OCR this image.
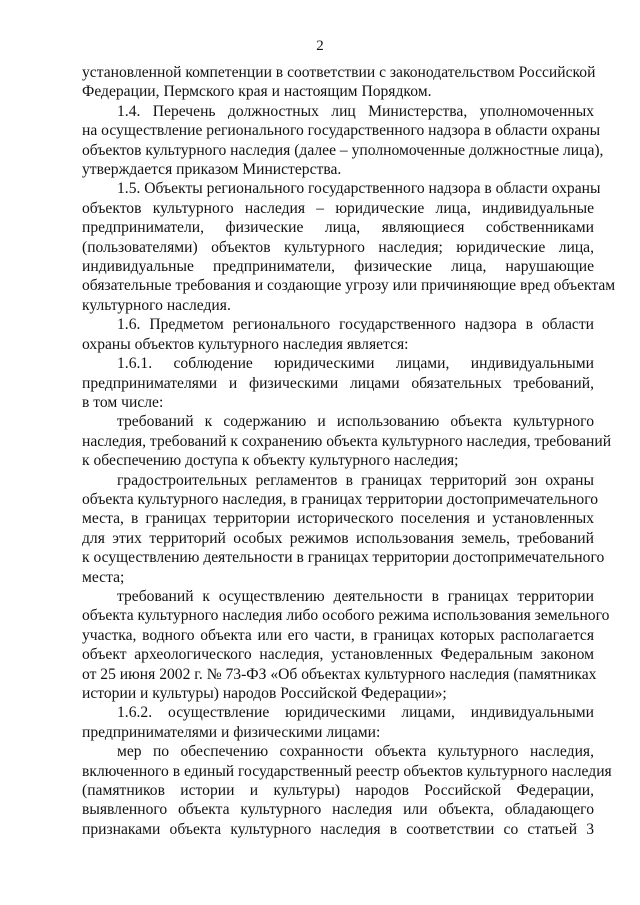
2
установленной компетенции в соответствии с законодательством Российской
Федерации, Пермского края и настоящим Порядком.
1.4. Перечень должностных лиц Министерства, уполномоченных
на осуществление регионального государственного надзора в области охраны
объектов культурного наследия (далее – уполномоченные должностные лица),
утверждается приказом Министерства.
1.5. Объекты регионального государственного надзора в области охраны
объектов культурного наследия – юридические лица, индивидуальные
предприниматели, физические лица, являющиеся собственниками
(пользователями) объектов культурного наследия; юридические лица,
индивидуальные предприниматели, физические лица, нарушающие
обязательные требования и создающие угрозу или причиняющие вред объектам
культурного наследия.
1.6. Предметом регионального государственного надзора в области
охраны объектов культурного наследия является:
1.6.1. соблюдение юридическими лицами, индивидуальными
предпринимателями и физическими лицами обязательных требований,
в том числе:
требований к содержанию и использованию объекта культурного
наследия, требований к сохранению объекта культурного наследия, требований
к обеспечению доступа к объекту культурного наследия;
градостроительных регламентов в границах территорий зон охраны
объекта культурного наследия, в границах территории достопримечательного
места, в границах территории исторического поселения и установленных
для этих территорий особых режимов использования земель, требований
к осуществлению деятельности в границах территории достопримечательного
места;
требований к осуществлению деятельности в границах территории
объекта культурного наследия либо особого режима использования земельного
участка, водного объекта или его части, в границах которых располагается
объект археологического наследия, установленных Федеральным законом
от 25 июня 2002 г. № 73-ФЗ «Об объектах культурного наследия (памятниках
истории и культуры) народов Российской Федерации»;
1.6.2. осуществление юридическими лицами, индивидуальными
предпринимателями и физическими лицами:
мер по обеспечению сохранности объекта культурного наследия,
включенного в единый государственный реестр объектов культурного наследия
(памятников истории и культуры) народов Российской Федерации,
выявленного объекта культурного наследия или объекта, обладающего
признаками объекта культурного наследия в соответствии со статьей 3
